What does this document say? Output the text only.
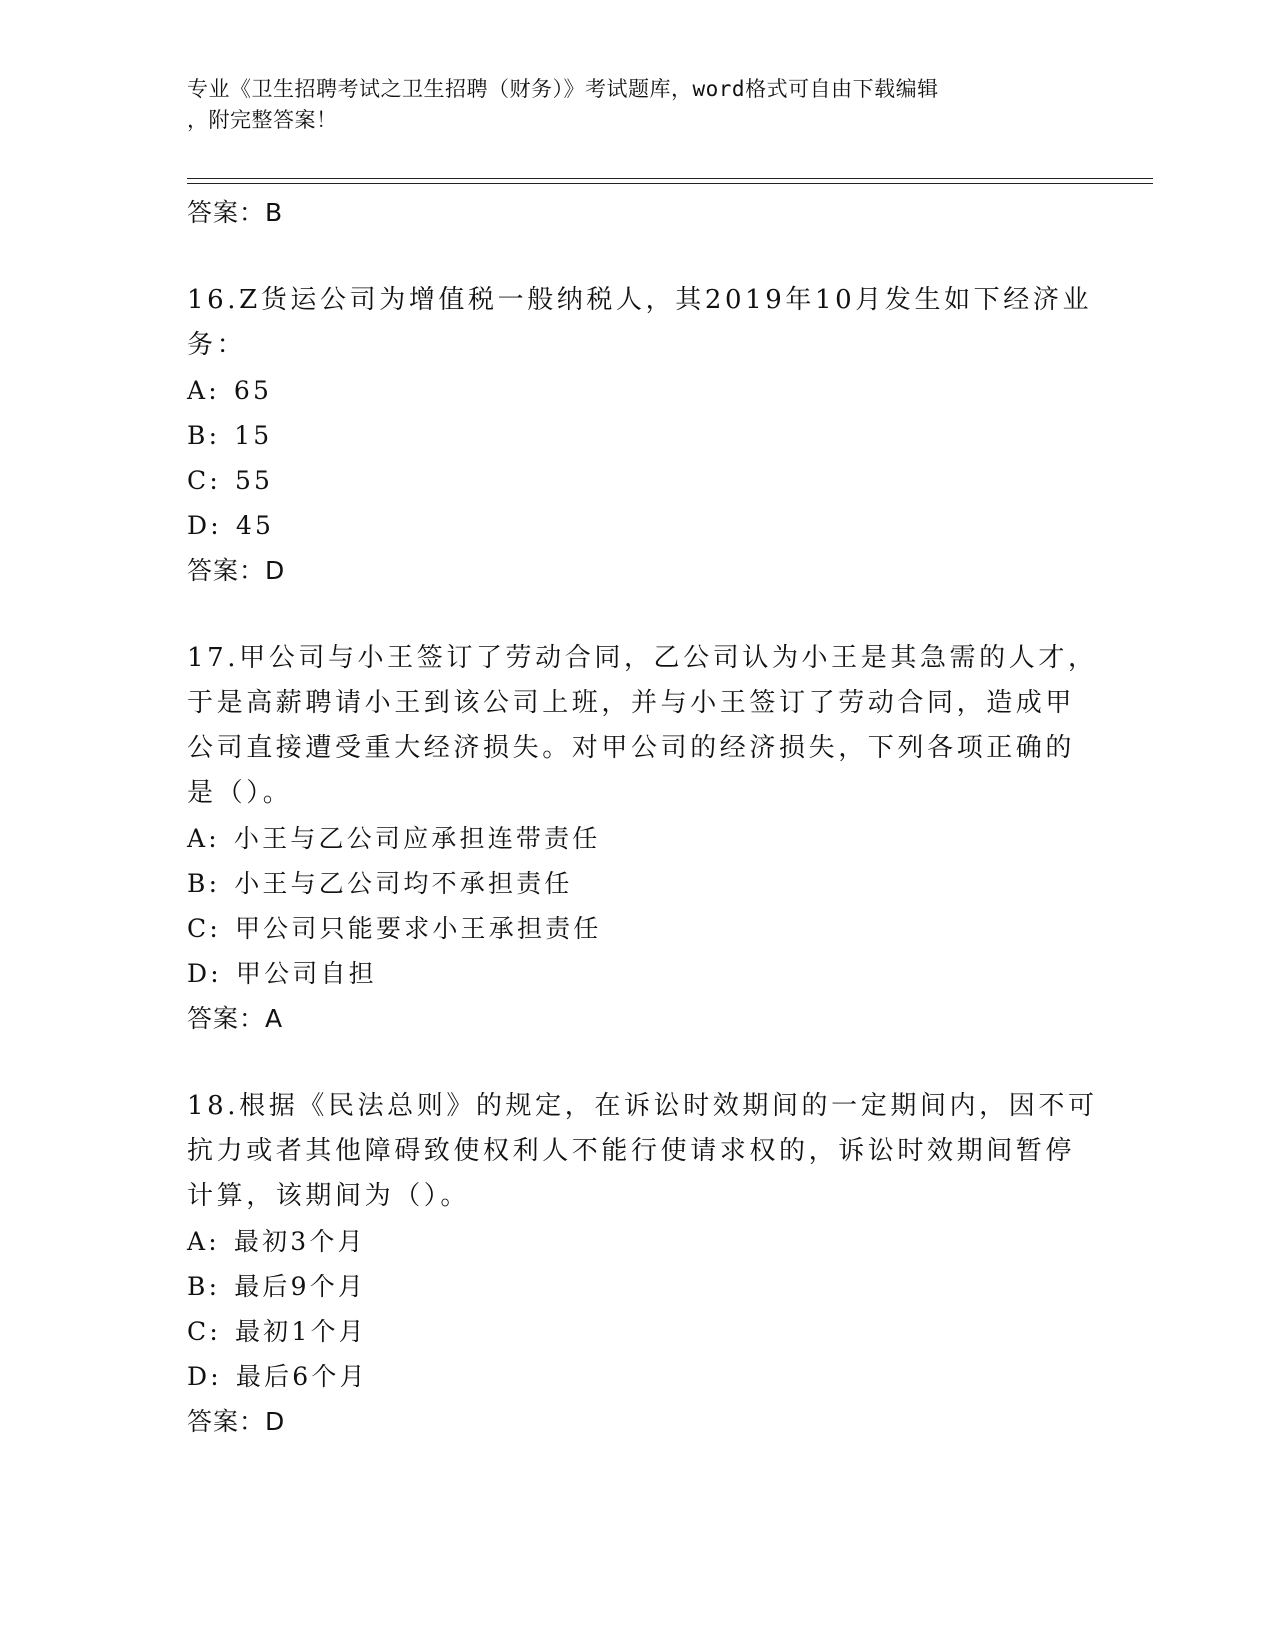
专业《卫生招聘考试之卫生招聘（财务）》考试题库，word格式可自由下载编辑
，附完整答案！
答案：B
16.Z货运公司为增值税一般纳税人，其2019年10月发生如下经济业
务：
A: 65
B: 15
C: 55
D: 45
答案：D
17.甲公司与小王签订了劳动合同，乙公司认为小王是其急需的人才，
于是高薪聘请小王到该公司上班，并与小王签订了劳动合同，造成甲
公司直接遭受重大经济损失。对甲公司的经济损失，下列各项正确的
是（）。
A: 小王与乙公司应承担连带责任
B: 小王与乙公司均不承担责任
C: 甲公司只能要求小王承担责任
D: 甲公司自担
答案：A
18.根据《民法总则》的规定，在诉讼时效期间的一定期间内，因不可
抗力或者其他障碍致使权利人不能行使请求权的，诉讼时效期间暂停
计算，该期间为（）。
A: 最初3个月
B: 最后9个月
C: 最初1个月
D: 最后6个月
答案：D
